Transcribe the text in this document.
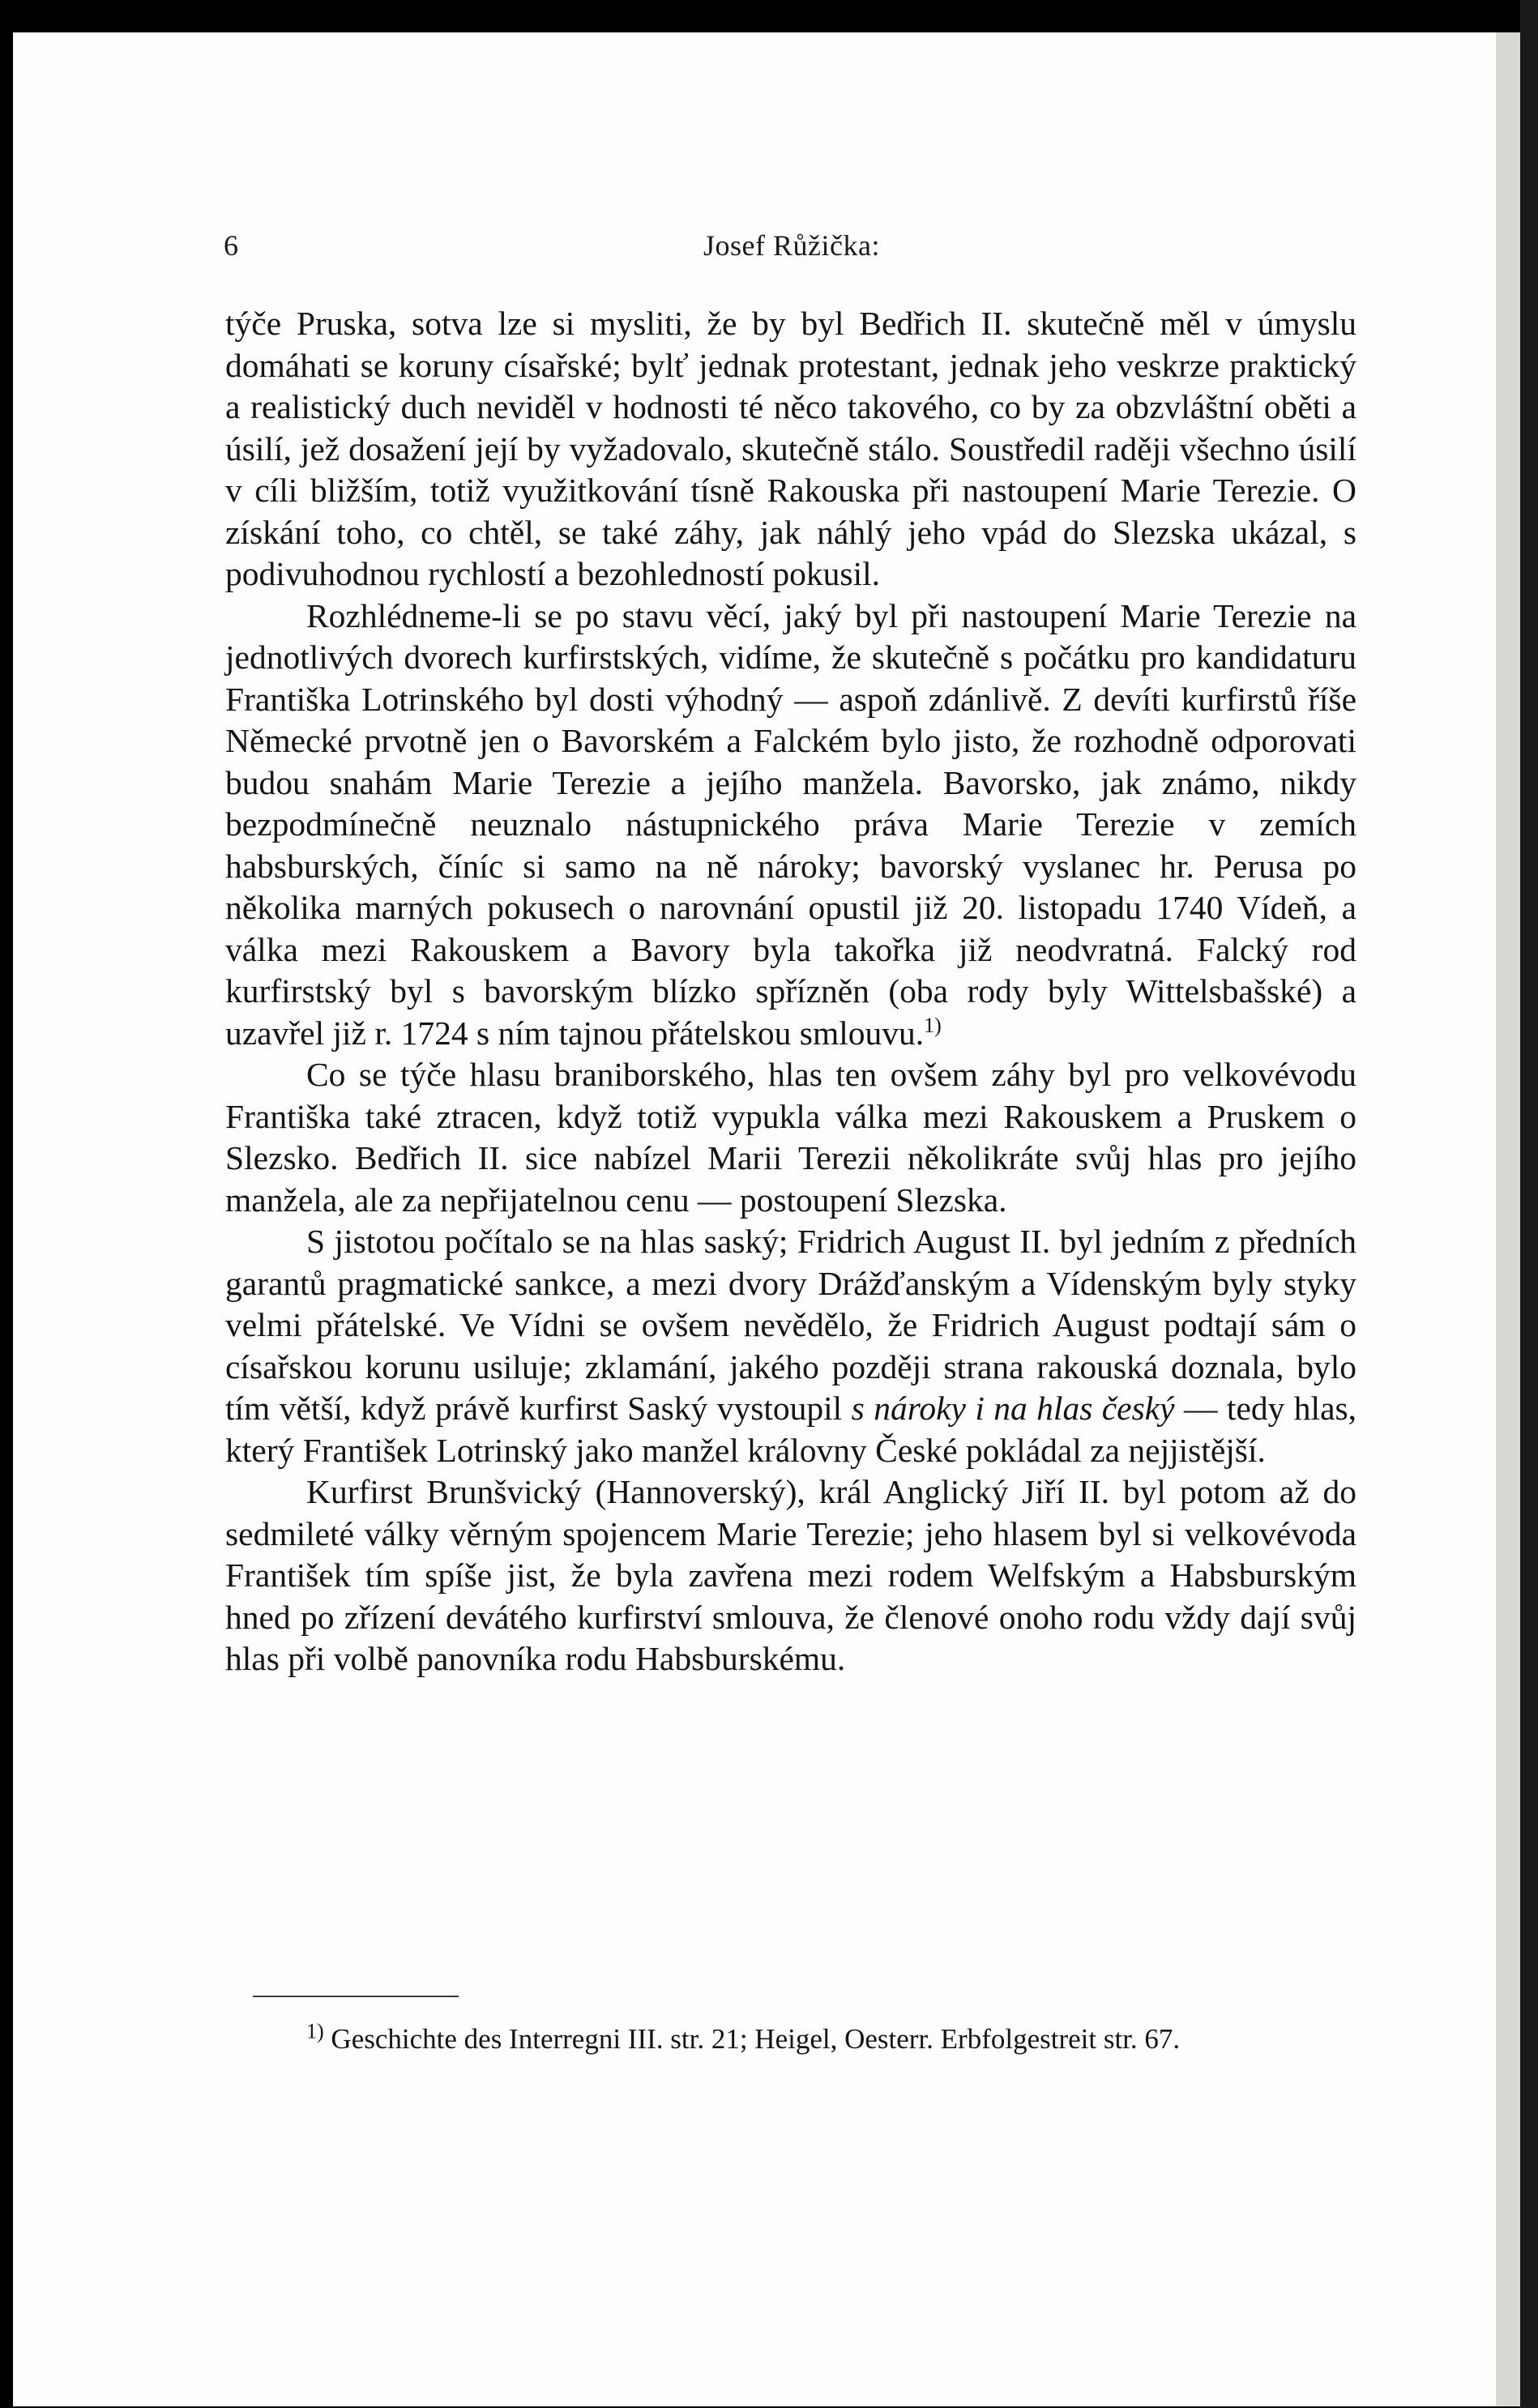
6	Josef Růžička:

týče Pruska, sotva lze si mysliti, že by byl Bedřich II. skutečně měl v úmyslu domáhati se koruny císařské; bylť jednak protestant, jednak jeho veskrze praktický a realistický duch neviděl v hodnosti té něco takového, co by za obzvláštní oběti a úsilí, jež dosažení její by vyžadovalo, skutečně stálo. Soustředil raději všechno úsilí v cíli bližším, totiž využitkování tísně Rakouska při nastoupení Marie Terezie. O získání toho, co chtěl, se také záhy, jak náhlý jeho vpád do Slezska ukázal, s podivuhodnou rychlostí a bezohledností pokusil.

Rozhlédneme-li se po stavu věcí, jaký byl při nastoupení Marie Terezie na jednotlivých dvorech kurfirstských, vidíme, že skutečně s počátku pro kandidaturu Františka Lotrinského byl dosti výhodný — aspoň zdánlivě. Z devíti kurfirstů říše Německé prvotně jen o Bavorském a Falckém bylo jisto, že rozhodně odporovati budou snahám Marie Terezie a jejího manžela. Bavorsko, jak známo, nikdy bezpodmínečně neuznalo nástupnického práva Marie Terezie v zemích habsburských, číníc si samo na ně nároky; bavorský vyslanec hr. Perusa po několika marných pokusech o narovnání opustil již 20. listopadu 1740 Vídeň, a válka mezi Rakouskem a Bavory byla takořka již neodvratná. Falcký rod kurfirstský byl s bavorským blízko spřízněn (oba rody byly Wittelsbašské) a uzavřel již r. 1724 s ním tajnou přátelskou smlouvu.$^{1)}$

Co se týče hlasu braniborského, hlas ten ovšem záhy byl pro velkovévodu Františka také ztracen, když totiž vypukla válka mezi Rakouskem a Pruskem o Slezsko. Bedřich II. sice nabízel Marii Terezii několikráte svůj hlas pro jejího manžela, ale za nepřijatelnou cenu — postoupení Slezska.

S jistotou počítalo se na hlas saský; Fridrich August II. byl jedním z předních garantů pragmatické sankce, a mezi dvory Drážďanským a Vídenským byly styky velmi přátelské. Ve Vídni se ovšem nevědělo, že Fridrich August podtají sám o císařskou korunu usiluje; zklamání, jakého později strana rakouská doznala, bylo tím větší, když právě kurfirst Saský vystoupil s nároky i na hlas český — tedy hlas, který František Lotrinský jako manžel královny České pokládal za nejjistější.

Kurfirst Brunšvický (Hannoverský), král Anglický Jiří II. byl potom až do sedmileté války věrným spojencem Marie Terezie; jeho hlasem byl si velkovévoda František tím spíše jist, že byla zavřena mezi rodem Welfským a Habsburským hned po zřízení devátého kurfirství smlouva, že členové onoho rodu vždy dají svůj hlas při volbě panovníka rodu Habsburskému.

$^{1)}$ Geschichte des Interregni III. str. 21; Heigel, Oesterr. Erbfolgestreit str. 67.
